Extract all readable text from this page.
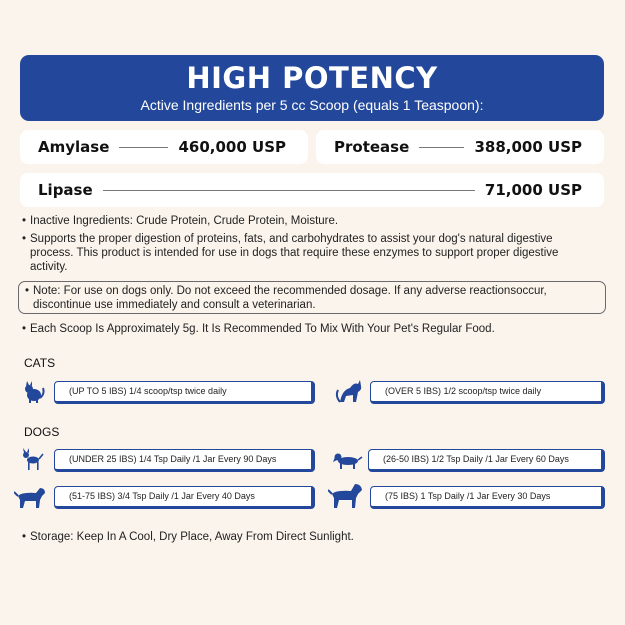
HIGH POTENCY
Active Ingredients per 5 cc Scoop (equals 1 Teaspoon):
Amylase	460,000 USP	Protease	388,000 USP
Lipase	71,000 USP
• Inactive Ingredients: Crude Protein, Crude Protein, Moisture.
• Supports the proper digestion of proteins, fats, and carbohydrates to assist your dog's natural digestive
process. This product is intended for use in dogs that require these enzymes to support proper digestive
activity.
• Note: For use on dogs only. Do not exceed the recommended dosage. If any adverse reactionsoccur,
discontinue use immediately and consult a veterinarian.
• Each Scoop Is Approximately 5g. It Is Recommended To Mix With Your Pet's Regular Food.
CATS
(UP TO 5 IBS) 1/4 scoop/tsp twice daily	(OVER 5 IBS) 1/2 scoop/tsp twice daily
DOGS
(UNDER 25 IBS) 1/4 Tsp Daily /1 Jar Every 90 Days	(26-50 IBS) 1/2 Tsp Daily /1 Jar Every 60 Days
(51-75 IBS) 3/4 Tsp Daily /1 Jar Every 40 Days	(75 IBS) 1 Tsp Daily /1 Jar Every 30 Days
• Storage: Keep In A Cool, Dry Place, Away From Direct Sunlight.
